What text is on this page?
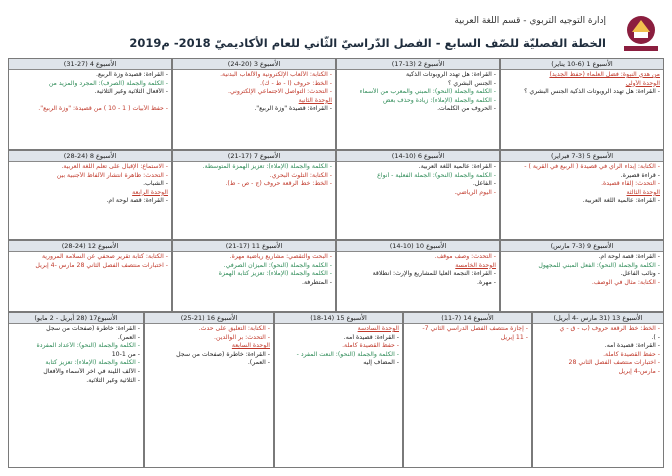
إدارة التوجيه التربوي - قسم اللغة العربية
الخطة الفصليّة للصّف السابع - الفصل الدّراسيّ الثّاني للعام الأكاديميّ 2018- م2019
الأسبوع 1 (6-10 يناير)
من هدي النبوة: فضل العلماء (حفظ الجديد)
الوحدة الأولى
- القراءة: هل تهدد الروبوتات الذكية الجنس البشري ؟

الأسبوع 2 (13-17)
- القراءة: هل تهدد الروبوتات الذكية
- الجنس البشري ؟
- الكلمة والجملة (النحو): المبني والمعرب من الأسماء
- الكلمة والجملة (الإملاء): زيادة وحذف بعض
- الحروف من الكلمات.
الأسبوع 3 (20-24)
- الكتابة: الألعاب الإلكترونية والألعاب البدنية.
- الخط: حروف (أ - ط - ك).
- التحدث: التواصل الاجتماعي الإلكتروني.
الوحدة الثانية
- القراءة: قصيدة "وزة الربيع".
الأسبوع 4 (27-31)
- القراءة: قصيدة وزة الربيع.
- الكلمة والجملة (الصرف): المجرد والمزيد من
- الأفعال الثلاثية وغير الثلاثية.

- حفظ الأبيات ( 1 - 10 ) من قصيدة: "وزة الربيع".
الأسبوع 5 (3-7 فبراير)
- الكتابة: إبداء الرأي في قصيدة ( الربيع في القرية ) -
- قراءة قصيرة.
- التحدث: إلقاء قصيدة.
الوحدة الثالثة
- القراءة: عالمية اللغة العربية.
الأسبوع 6 (10-14)
- القراءة: عالمية اللغة العربية.
- الكلمة والجملة (النحو): الجملة الفعلية - أنواع
- الفاعل.
- اليوم الرياضي.
الأسبوع 7 (17-21)
- الكلمة والجملة (الإملاء): تعزيز الهمزة المتوسطة.
- الكتابة: التلوث البحري.
- الخط: خط الرقعة حروف (ج - ص - ط).
الأسبوع 8 (24-28)
- الاستماع: الإقبال على تعلم اللغة العربية.
- التحدث: ظاهرة انتشار الألفاظ الأجنبية بين
- الشباب.
الوحدة الرابعة
- القراءة: قصة لوحة آم.
الأسبوع 9 (3-7 مارس)
- القراءة: قصة لوحة آم.
- الكلمة والجملة (النحو): الفعل المبني للمجهول
- ونائب الفاعل.
- الكتابة: مثال في الوصف.
الأسبوع 10 (10-14)
- التحدث: وصف موقف.
الوحدة الخامسة
- القراءة: النجمة العليا للمشاريع والإرث: انطلاقة
- مهرة.
الأسبوع 11 (17-21)
- البحث والتقصي: مشاريع رياضية مهرة.
- الكلمة والجملة (النحو): الميزان الصرفي.
- الكلمة والجملة (الإملاء): تعزيز كتابة الهمزة
- المتطرفة.
الأسبوع 12 (24-28)
- الكتابة: كتابة تقرير صحفي عن السلامة المرورية
- اختبارات منتصف الفصل الثاني 28 مارس -4 إبريل
الأسبوع 13 (31 مارس -4 أبريل)
- الخط: خط الرقعة حروف (ب - ق - ي
- ).
- القراءة: قصيدة أمه.
- حفظ القصيدة كاملة.
- اختبارات منتصف الفصل الثاني 28
- مارس-4 إبريل
الأسبوع 14 (7-11)
- إجازة منتصف الفصل الدراسي الثاني 7-
- 11 إبريل
الأسبوع 15 (14-18)
الوحدة السادسة
- القراءة: قصيدة أمه.
- حفظ القصيدة كاملة.
- الكلمة والجملة (النحو): النعت المفرد -
- المضاف إليه
الأسبوع 16 (21-25)
- الكتابة: التعليق على حدث.
- التحدث: بر الوالدين.
الوحدة السابعة
- القراءة: خاطرة (صفحات من سجل
- العمر).
الأسبوع17 (28 أبريل - 2 مايو)
- القراءة: خاطرة (صفحات من سجل
- العمر).
- الكلمة والجملة (النحو): الأعداد المفردة
- من 1-10
- الكلمة والجملة (الإملاء): تعزيز كتابة
- الألف اللينة في آخر الأسماء والأفعال
- الثلاثية وغير الثلاثية.
